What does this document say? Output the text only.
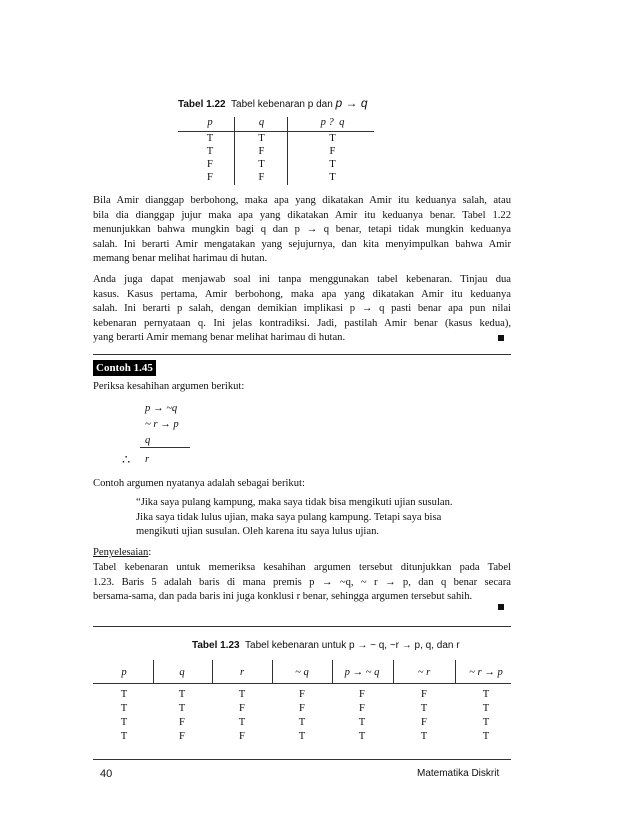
Tabel 1.22 Tabel kebenaran p dan p → q
p	q	p ?  q
T	T	T
T	F	F
F	T	T
F	F	T
Bila Amir dianggap berbohong, maka apa yang dikatakan Amir itu keduanya salah, atau
bila dia dianggap jujur maka apa yang dikatakan Amir itu keduanya benar. Tabel 1.22
menunjukkan bahwa mungkin bagi q dan p → q benar, tetapi tidak mungkin keduanya
salah. Ini berarti Amir mengatakan yang sejujurnya, dan kita menyimpulkan bahwa Amir
memang benar melihat harimau di hutan.
Anda juga dapat menjawab soal ini tanpa menggunakan tabel kebenaran. Tinjau dua
kasus. Kasus pertama, Amir berbohong, maka apa yang dikatakan Amir itu keduanya
salah. Ini berarti p salah, dengan demikian implikasi p → q pasti benar apa pun nilai
kebenaran pernyataan q. Ini jelas kontradiksi. Jadi, pastilah Amir benar (kasus kedua),
yang berarti Amir memang benar melihat harimau di hutan.
Contoh 1.45
Periksa kesahihan argumen berikut:
p → ~q
~ r → p
q
∴ r
Contoh argumen nyatanya adalah sebagai berikut:
“Jika saya pulang kampung, maka saya tidak bisa mengikuti ujian susulan.
Jika saya tidak lulus ujian, maka saya pulang kampung. Tetapi saya bisa
mengikuti ujian susulan. Oleh karena itu saya lulus ujian.
Penyelesaian:
Tabel kebenaran untuk memeriksa kesahihan argumen tersebut ditunjukkan pada Tabel
1.23. Baris 5 adalah baris di mana premis p → ~q, ~ r → p, dan q benar secara
bersama-sama, dan pada baris ini juga konklusi r benar, sehingga argumen tersebut sahih.
Tabel 1.23 Tabel kebenaran untuk p → ~ q, ~r → p, q, dan r
p	q	r	~ q	p → ~ q	~ r	~ r → p
T	T	T	F	F	F	T
T	T	F	F	F	T	T
T	F	T	T	T	F	T
T	F	F	T	T	T	T
40	Matematika Diskrit
